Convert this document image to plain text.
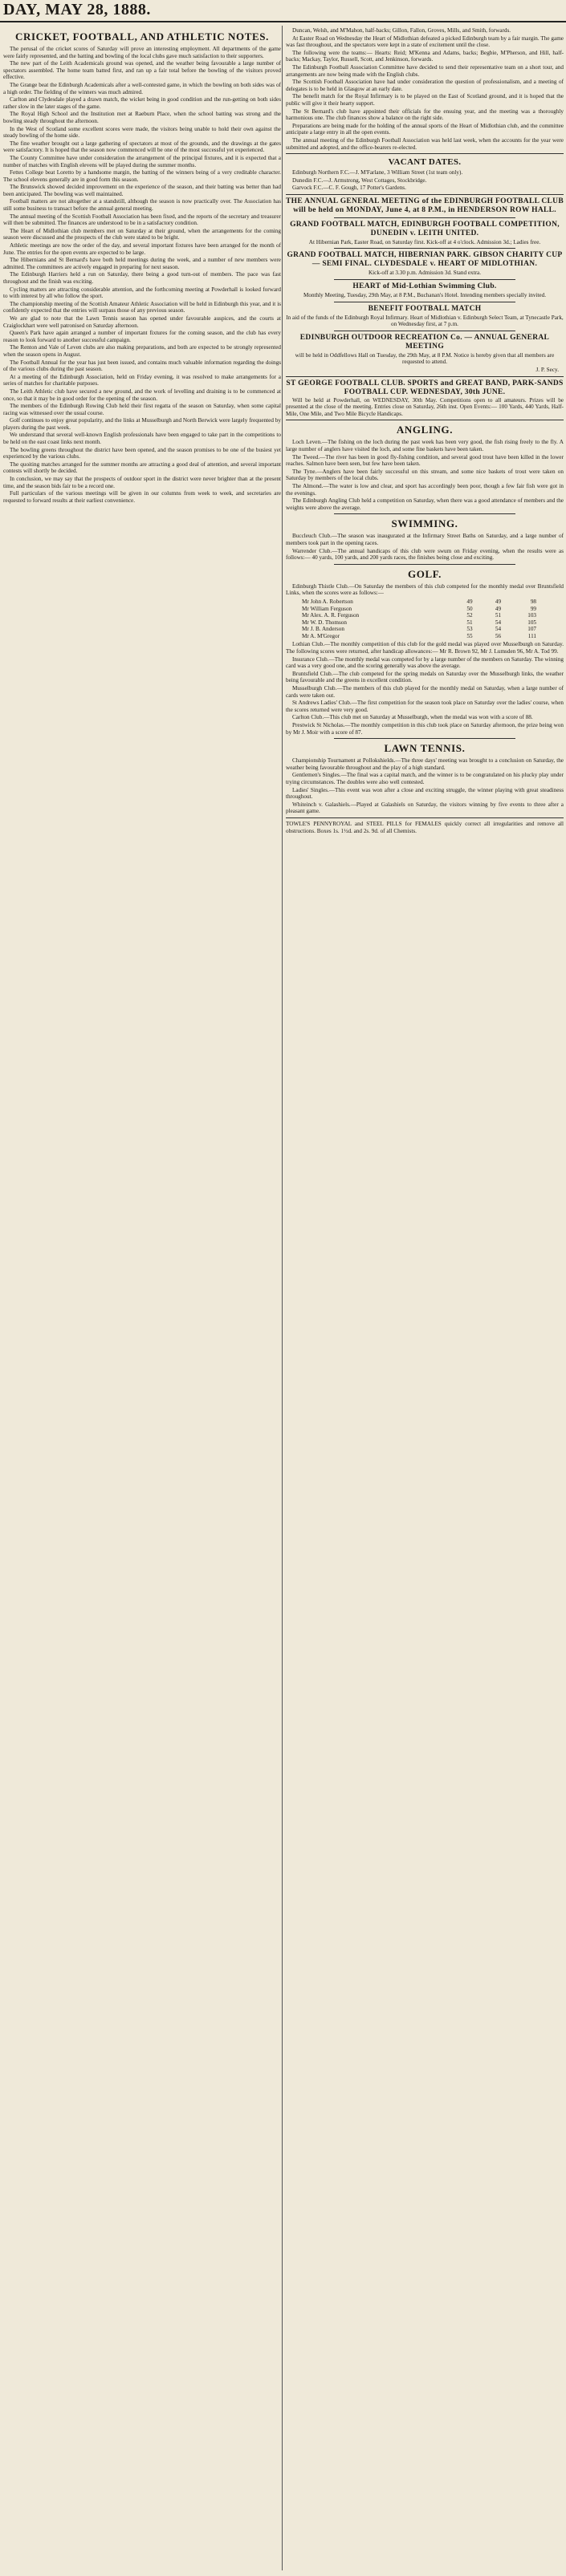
DAY, MAY 28, 1888.
CRICKET, FOOTBALL, AND ATHLETIC NOTES.
The perusal of the cricket scores of Saturday will prove an interesting employment. All departments of the game were fairly represented, and the batting and bowling of the local clubs gave much satisfaction to their supporters.
The new part of the Leith Academicals ground was opened, and the weather being favourable a large number of spectators assembled. The home team batted first, and ran up a fair total before the bowling of the visitors proved effective.
The Grange beat the Edinburgh Academicals after a well-contested game, in which the bowling on both sides was of a high order. The fielding of the winners was much admired.
Carlton and Clydesdale played a drawn match, the wicket being in good condition and the run-getting on both sides rather slow in the later stages of the game.
The Royal High School and the Institution met at Raeburn Place, when the school batting was strong and the bowling steady throughout the afternoon.
In the West of Scotland some excellent scores were made, the visitors being unable to hold their own against the steady bowling of the home side.
The fine weather brought out a large gathering of spectators at most of the grounds, and the drawings at the gates were satisfactory. It is hoped that the season now commenced will be one of the most successful yet experienced.
The County Committee have under consideration the arrangement of the principal fixtures, and it is expected that a number of matches with English elevens will be played during the summer months.
Fettes College beat Loretto by a handsome margin, the batting of the winners being of a very creditable character. The school elevens generally are in good form this season.
The Brunswick showed decided improvement on the experience of the season, and their batting was better than had been anticipated. The bowling was well maintained.
Football matters are not altogether at a standstill, although the season is now practically over. The Association has still some business to transact before the annual general meeting.
The annual meeting of the Scottish Football Association has been fixed, and the reports of the secretary and treasurer will then be submitted. The finances are understood to be in a satisfactory condition.
The Heart of Midlothian club members met on Saturday at their ground, when the arrangements for the coming season were discussed and the prospects of the club were stated to be bright.
Athletic meetings are now the order of the day, and several important fixtures have been arranged for the month of June. The entries for the open events are expected to be large.
The Hibernians and St Bernard's have both held meetings during the week, and a number of new members were admitted. The committees are actively engaged in preparing for next season.
The Edinburgh Harriers held a run on Saturday, there being a good turn-out of members. The pace was fast throughout and the finish was exciting.
Cycling matters are attracting considerable attention, and the forthcoming meeting at Powderhall is looked forward to with interest by all who follow the sport.
The championship meeting of the Scottish Amateur Athletic Association will be held in Edinburgh this year, and it is confidently expected that the entries will surpass those of any previous season.
We are glad to note that the Lawn Tennis season has opened under favourable auspices, and the courts at Craiglockhart were well patronised on Saturday afternoon.
Queen's Park have again arranged a number of important fixtures for the coming season, and the club has every reason to look forward to another successful campaign.
The Renton and Vale of Leven clubs are also making preparations, and both are expected to be strongly represented when the season opens in August.
The Football Annual for the year has just been issued, and contains much valuable information regarding the doings of the various clubs during the past season.
At a meeting of the Edinburgh Association, held on Friday evening, it was resolved to make arrangements for a series of matches for charitable purposes.
The Leith Athletic club have secured a new ground, and the work of levelling and draining is to be commenced at once, so that it may be in good order for the opening of the season.
The members of the Edinburgh Rowing Club held their first regatta of the season on Saturday, when some capital racing was witnessed over the usual course.
Golf continues to enjoy great popularity, and the links at Musselburgh and North Berwick were largely frequented by players during the past week.
We understand that several well-known English professionals have been engaged to take part in the competitions to be held on the east coast links next month.
The bowling greens throughout the district have been opened, and the season promises to be one of the busiest yet experienced by the various clubs.
The quoiting matches arranged for the summer months are attracting a good deal of attention, and several important contests will shortly be decided.
In conclusion, we may say that the prospects of outdoor sport in the district were never brighter than at the present time, and the season bids fair to be a record one.
Full particulars of the various meetings will be given in our columns from week to week, and secretaries are requested to forward results at their earliest convenience.
Duncan, Welsh, and M'Mahon, half-backs; Gillon, Fallon, Groves, Mills, and Smith, forwards.
At Easter Road on Wednesday the Heart of Midlothian defeated a picked Edinburgh team by a fair margin. The game was fast throughout, and the spectators were kept in a state of excitement until the close.
The following were the teams:— Hearts: Reid; M'Kenna and Adams, backs; Begbie, M'Pherson, and Hill, half-backs; Mackay, Taylor, Russell, Scott, and Jenkinson, forwards.
The Edinburgh Football Association Committee have decided to send their representative team on a short tour, and arrangements are now being made with the English clubs.
The Scottish Football Association have had under consideration the question of professionalism, and a meeting of delegates is to be held in Glasgow at an early date.
The benefit match for the Royal Infirmary is to be played on the East of Scotland ground, and it is hoped that the public will give it their hearty support.
The St Bernard's club have appointed their officials for the ensuing year, and the meeting was a thoroughly harmonious one. The club finances show a balance on the right side.
Preparations are being made for the holding of the annual sports of the Heart of Midlothian club, and the committee anticipate a large entry in all the open events.
The annual meeting of the Edinburgh Football Association was held last week, when the accounts for the year were submitted and adopted, and the office-bearers re-elected.
VACANT DATES.
Edinburgh Northern F.C.—J. M'Farlane, 3 William Street (1st team only).
Dunedin F.C.—J. Armstrong, West Cottages, Stockbridge.
Garvock F.C.—C. F. Gough, 17 Potter's Gardens.
THE ANNUAL GENERAL MEETING of the EDINBURGH FOOTBALL CLUB will be held on MONDAY, June 4, at 8 P.M., in HENDERSON ROW HALL.
GRAND FOOTBALL MATCH, EDINBURGH FOOTBALL COMPETITION, DUNEDIN v. LEITH UNITED.
At Hibernian Park, Easter Road, on Saturday first. Kick-off at 4 o'clock. Admission 3d.; Ladies free.
GRAND FOOTBALL MATCH, HIBERNIAN PARK. GIBSON CHARITY CUP — SEMI FINAL. CLYDESDALE v. HEART OF MIDLOTHIAN.
Kick-off at 3.30 p.m. Admission 3d. Stand extra.
HEART of Mid-Lothian Swimming Club.
Monthly Meeting, Tuesday, 29th May, at 8 P.M., Buchanan's Hotel. Intending members specially invited.
BENEFIT FOOTBALL MATCH
In aid of the funds of the Edinburgh Royal Infirmary. Heart of Midlothian v. Edinburgh Select Team, at Tynecastle Park, on Wednesday first, at 7 p.m.
EDINBURGH OUTDOOR RECREATION Co. — ANNUAL GENERAL MEETING
will be held in Oddfellows Hall on Tuesday, the 29th May, at 8 P.M. Notice is hereby given that all members are requested to attend.
J. P. Secy.
ST GEORGE FOOTBALL CLUB. SPORTS and GREAT BAND, PARK-SANDS FOOTBALL CUP. WEDNESDAY, 30th JUNE.
Will be held at Powderhall, on WEDNESDAY, 30th May. Competitions open to all amateurs. Prizes will be presented at the close of the meeting. Entries close on Saturday, 26th inst. Open Events:— 100 Yards, 440 Yards, Half-Mile, One Mile, and Two Mile Bicycle Handicaps.
ANGLING.
Loch Leven.—The fishing on the loch during the past week has been very good, the fish rising freely to the fly. A large number of anglers have visited the loch, and some fine baskets have been taken.
The Tweed.—The river has been in good fly-fishing condition, and several good trout have been killed in the lower reaches. Salmon have been seen, but few have been taken.
The Tyne.—Anglers have been fairly successful on this stream, and some nice baskets of trout were taken on Saturday by members of the local clubs.
The Almond.—The water is low and clear, and sport has accordingly been poor, though a few fair fish were got in the evenings.
The Edinburgh Angling Club held a competition on Saturday, when there was a good attendance of members and the weights were above the average.
SWIMMING.
Buccleuch Club.—The season was inaugurated at the Infirmary Street Baths on Saturday, and a large number of members took part in the opening races.
Warrender Club.—The annual handicaps of this club were swum on Friday evening, when the results were as follows:— 40 yards, 100 yards, and 200 yards races, the finishes being close and exciting.
GOLF.
Edinburgh Thistle Club.—On Saturday the members of this club competed for the monthly medal over Bruntsfield Links, when the scores were as follows:—
Mr John A. Robertson	49	49	98
Mr William Ferguson	50	49	99
Mr Alex. A. R. Ferguson	52	51	103
Mr W. D. Thomson	51	54	105
Mr J. B. Anderson	53	54	107
Mr A. M'Gregor	55	56	111
Lothian Club.—The monthly competition of this club for the gold medal was played over Musselburgh on Saturday. The following scores were returned, after handicap allowances:— Mr R. Brown 92, Mr J. Lumsden 96, Mr A. Tod 99.
Insurance Club.—The monthly medal was competed for by a large number of the members on Saturday. The winning card was a very good one, and the scoring generally was above the average.
Bruntsfield Club.—The club competed for the spring medals on Saturday over the Musselburgh links, the weather being favourable and the greens in excellent condition.
Musselburgh Club.—The members of this club played for the monthly medal on Saturday, when a large number of cards were taken out.
St Andrews Ladies' Club.—The first competition for the season took place on Saturday over the ladies' course, when the scores returned were very good.
Carlton Club.—This club met on Saturday at Musselburgh, when the medal was won with a score of 88.
Prestwick St Nicholas.—The monthly competition in this club took place on Saturday afternoon, the prize being won by Mr J. Moir with a score of 87.
LAWN TENNIS.
Championship Tournament at Pollokshields.—The three days' meeting was brought to a conclusion on Saturday, the weather being favourable throughout and the play of a high standard.
Gentlemen's Singles.—The final was a capital match, and the winner is to be congratulated on his plucky play under trying circumstances. The doubles were also well contested.
Ladies' Singles.—This event was won after a close and exciting struggle, the winner playing with great steadiness throughout.
Whiteinch v. Galashiels.—Played at Galashiels on Saturday, the visitors winning by five events to three after a pleasant game.
TOWLE'S PENNYROYAL and STEEL PILLS for FEMALES quickly correct all irregularities and remove all obstructions. Boxes 1s. 1½d. and 2s. 9d. of all Chemists.
